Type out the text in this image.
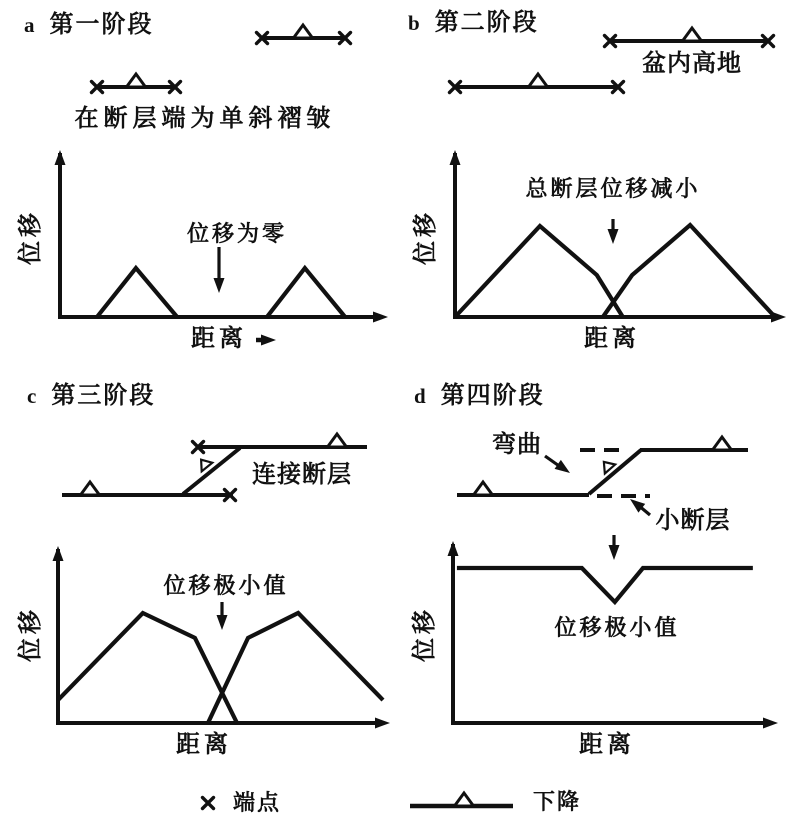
a 第一阶段
在断层端为单斜褶皱
位移为零
位移
距离
b 第二阶段
盆内高地
总断层位移减小
位移
距离
c 第三阶段
连接断层
位移极小值
位移
距离
d 第四阶段
弯曲
小断层
位移极小值
位移
距离
端点	下降
